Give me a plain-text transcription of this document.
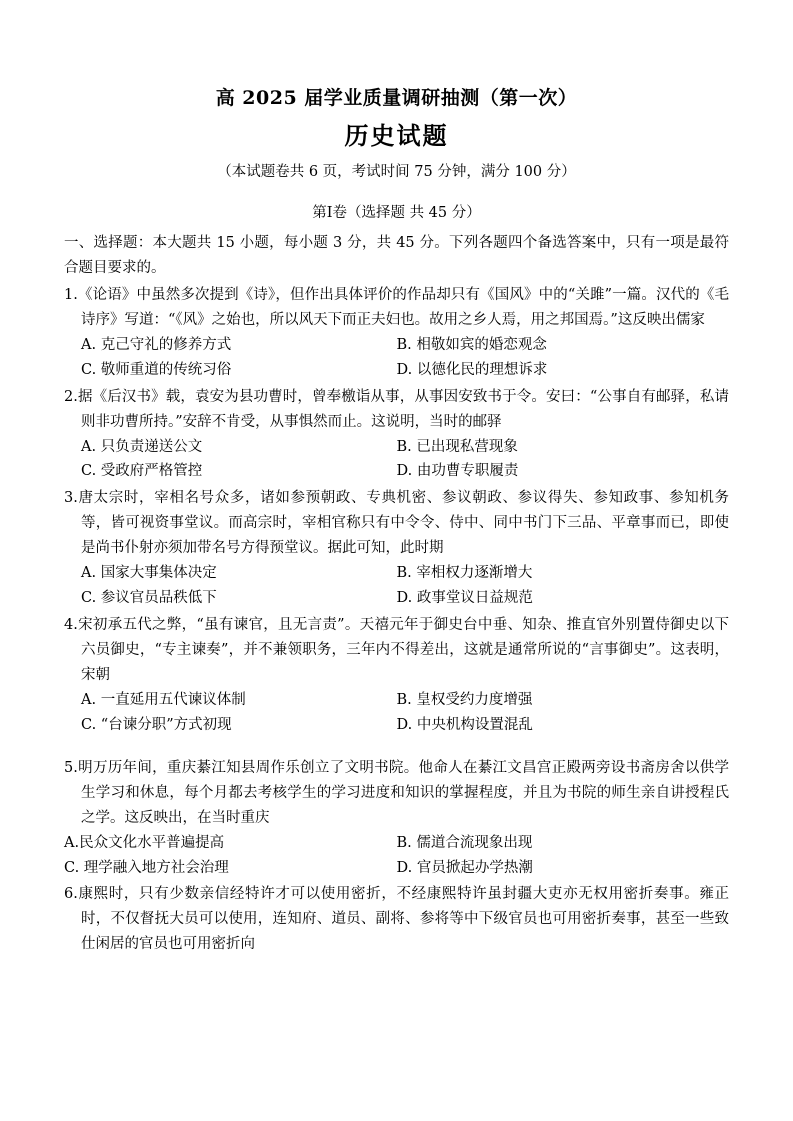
高 2025 届学业质量调研抽测（第一次）
历史试题
（本试题卷共 6 页，考试时间 75 分钟，满分 100 分）
第Ⅰ卷（选择题 共 45 分）
一、选择题：本大题共 15 小题，每小题 3 分，共 45 分。下列各题四个备选答案中，只有一项是最符合题目要求的。
1.《论语》中虽然多次提到《诗》，但作出具体评价的作品却只有《国风》中的“关雎”一篇。汉代的《毛诗序》写道：“《风》之始也，所以风天下而正夫妇也。故用之乡人焉，用之邦国焉。”这反映出儒家
A. 克己守礼的修养方式	B. 相敬如宾的婚恋观念
C. 敬师重道的传统习俗	D. 以德化民的理想诉求
2.据《后汉书》载，袁安为县功曹时，曾奉檄诣从事，从事因安致书于令。安曰：“公事自有邮驿，私请则非功曹所持。”安辞不肯受，从事惧然而止。这说明，当时的邮驿
A. 只负责递送公文	B. 已出现私营现象
C. 受政府严格管控	D. 由功曹专职履责
3.唐太宗时，宰相名号众多，诸如参预朝政、专典机密、参议朝政、参议得失、参知政事、参知机务等，皆可视资事堂议。而高宗时，宰相官称只有中令令、侍中、同中书门下三品、平章事而已，即使是尚书仆射亦须加带名号方得预堂议。据此可知，此时期
A. 国家大事集体决定	B. 宰相权力逐渐增大
C. 参议官员品秩低下	D. 政事堂议日益规范
4.宋初承五代之弊，“虽有谏官，且无言责”。天禧元年于御史台中垂、知杂、推直官外别置侍御史以下六员御史，“专主谏奏”，并不兼领职务，三年内不得差出，这就是通常所说的“言事御史”。这表明，宋朝
A. 一直延用五代谏议体制	B. 皇权受约力度增强
C. “台谏分职”方式初现	D. 中央机构设置混乱
5.明万历年间，重庆綦江知县周作乐创立了文明书院。他命人在綦江文昌宫正殿两旁设书斋房舍以供学生学习和休息，每个月都去考核学生的学习进度和知识的掌握程度，并且为书院的师生亲自讲授程氏之学。这反映出，在当时重庆
A.民众文化水平普遍提高	B. 儒道合流现象出现
C. 理学融入地方社会治理	D. 官员掀起办学热潮
6.康熙时，只有少数亲信经特许才可以使用密折，不经康熙特许虽封疆大吏亦无权用密折奏事。雍正时，不仅督抚大员可以使用，连知府、道员、副将、参将等中下级官员也可用密折奏事，甚至一些致仕闲居的官员也可用密折向
